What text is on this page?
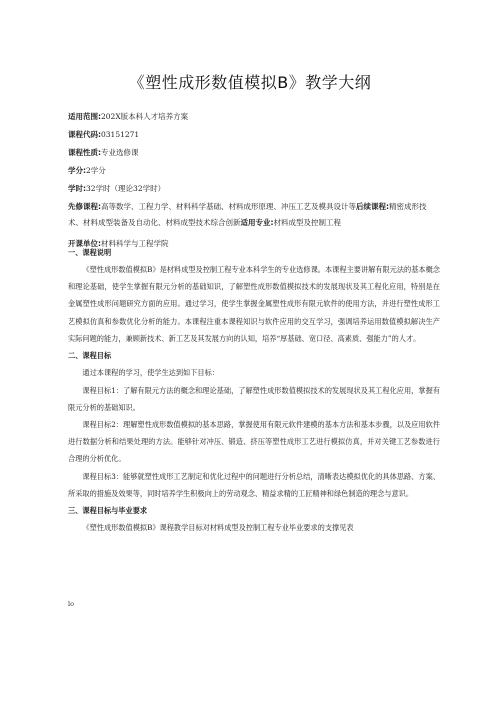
《塑性成形数值模拟B》教学大纲
适用范围:202X版本科人才培养方案
课程代码:03151271
课程性质:专业选修课
学分:2学分
学时:32学时（理论32学时）
先修课程:高等数学、工程力学、材料科学基础、材料成形原理、冲压工艺及模具设计等后续课程:精密成形技术、材料成型装备及自动化、材料成型技术综合创新适用专业:材料成型及控制工程
开课单位:材料科学与工程学院

一、课程说明

《塑性成形数值模拟B》是材料成型及控制工程专业本科学生的专业选修课。本课程主要讲解有限元法的基本概念和理论基础，使学生掌握有限元分析的基础知识，了解塑性成形数值模拟技术的发展现状及其工程化应用，特别是在金属塑性成形问题研究方面的应用。通过学习，使学生掌握金属塑性成形有限元软件的使用方法，并进行塑性成形工艺模拟仿真和参数优化分析的能力。本课程注重本课程知识与软件应用的交互学习，强调培养运用数值模拟解决生产实际问题的能力，兼顾新技术、新工艺及其发展方向的认知，培养“厚基础、宽口径、高素质、强能力”的人才。

二、课程目标

通过本课程的学习，使学生达到如下目标：

课程目标1：了解有限元方法的概念和理论基础，了解塑性成形数值模拟技术的发展现状及其工程化应用，掌握有限元分析的基础知识。

课程目标2：理解塑性成形数值模拟的基本思路，掌握使用有限元软件建模的基本方法和基本步骤，以及应用软件进行数据分析和结果处理的方法。能够针对冲压、锻造、挤压等塑性成形工艺进行模拟仿真，并对关键工艺参数进行合理的分析优化。

课程目标3：能够就塑性成形工艺制定和优化过程中的问题进行分析总结，清晰表达模拟优化的具体思路、方案、所采取的措施及效果等，同时培养学生积极向上的劳动观念、精益求精的工匠精神和绿色制造的理念与意识。

三、课程目标与毕业要求

《塑性成形数值模拟B》课程教学目标对材料成型及控制工程专业毕业要求的支撑见表

lo
